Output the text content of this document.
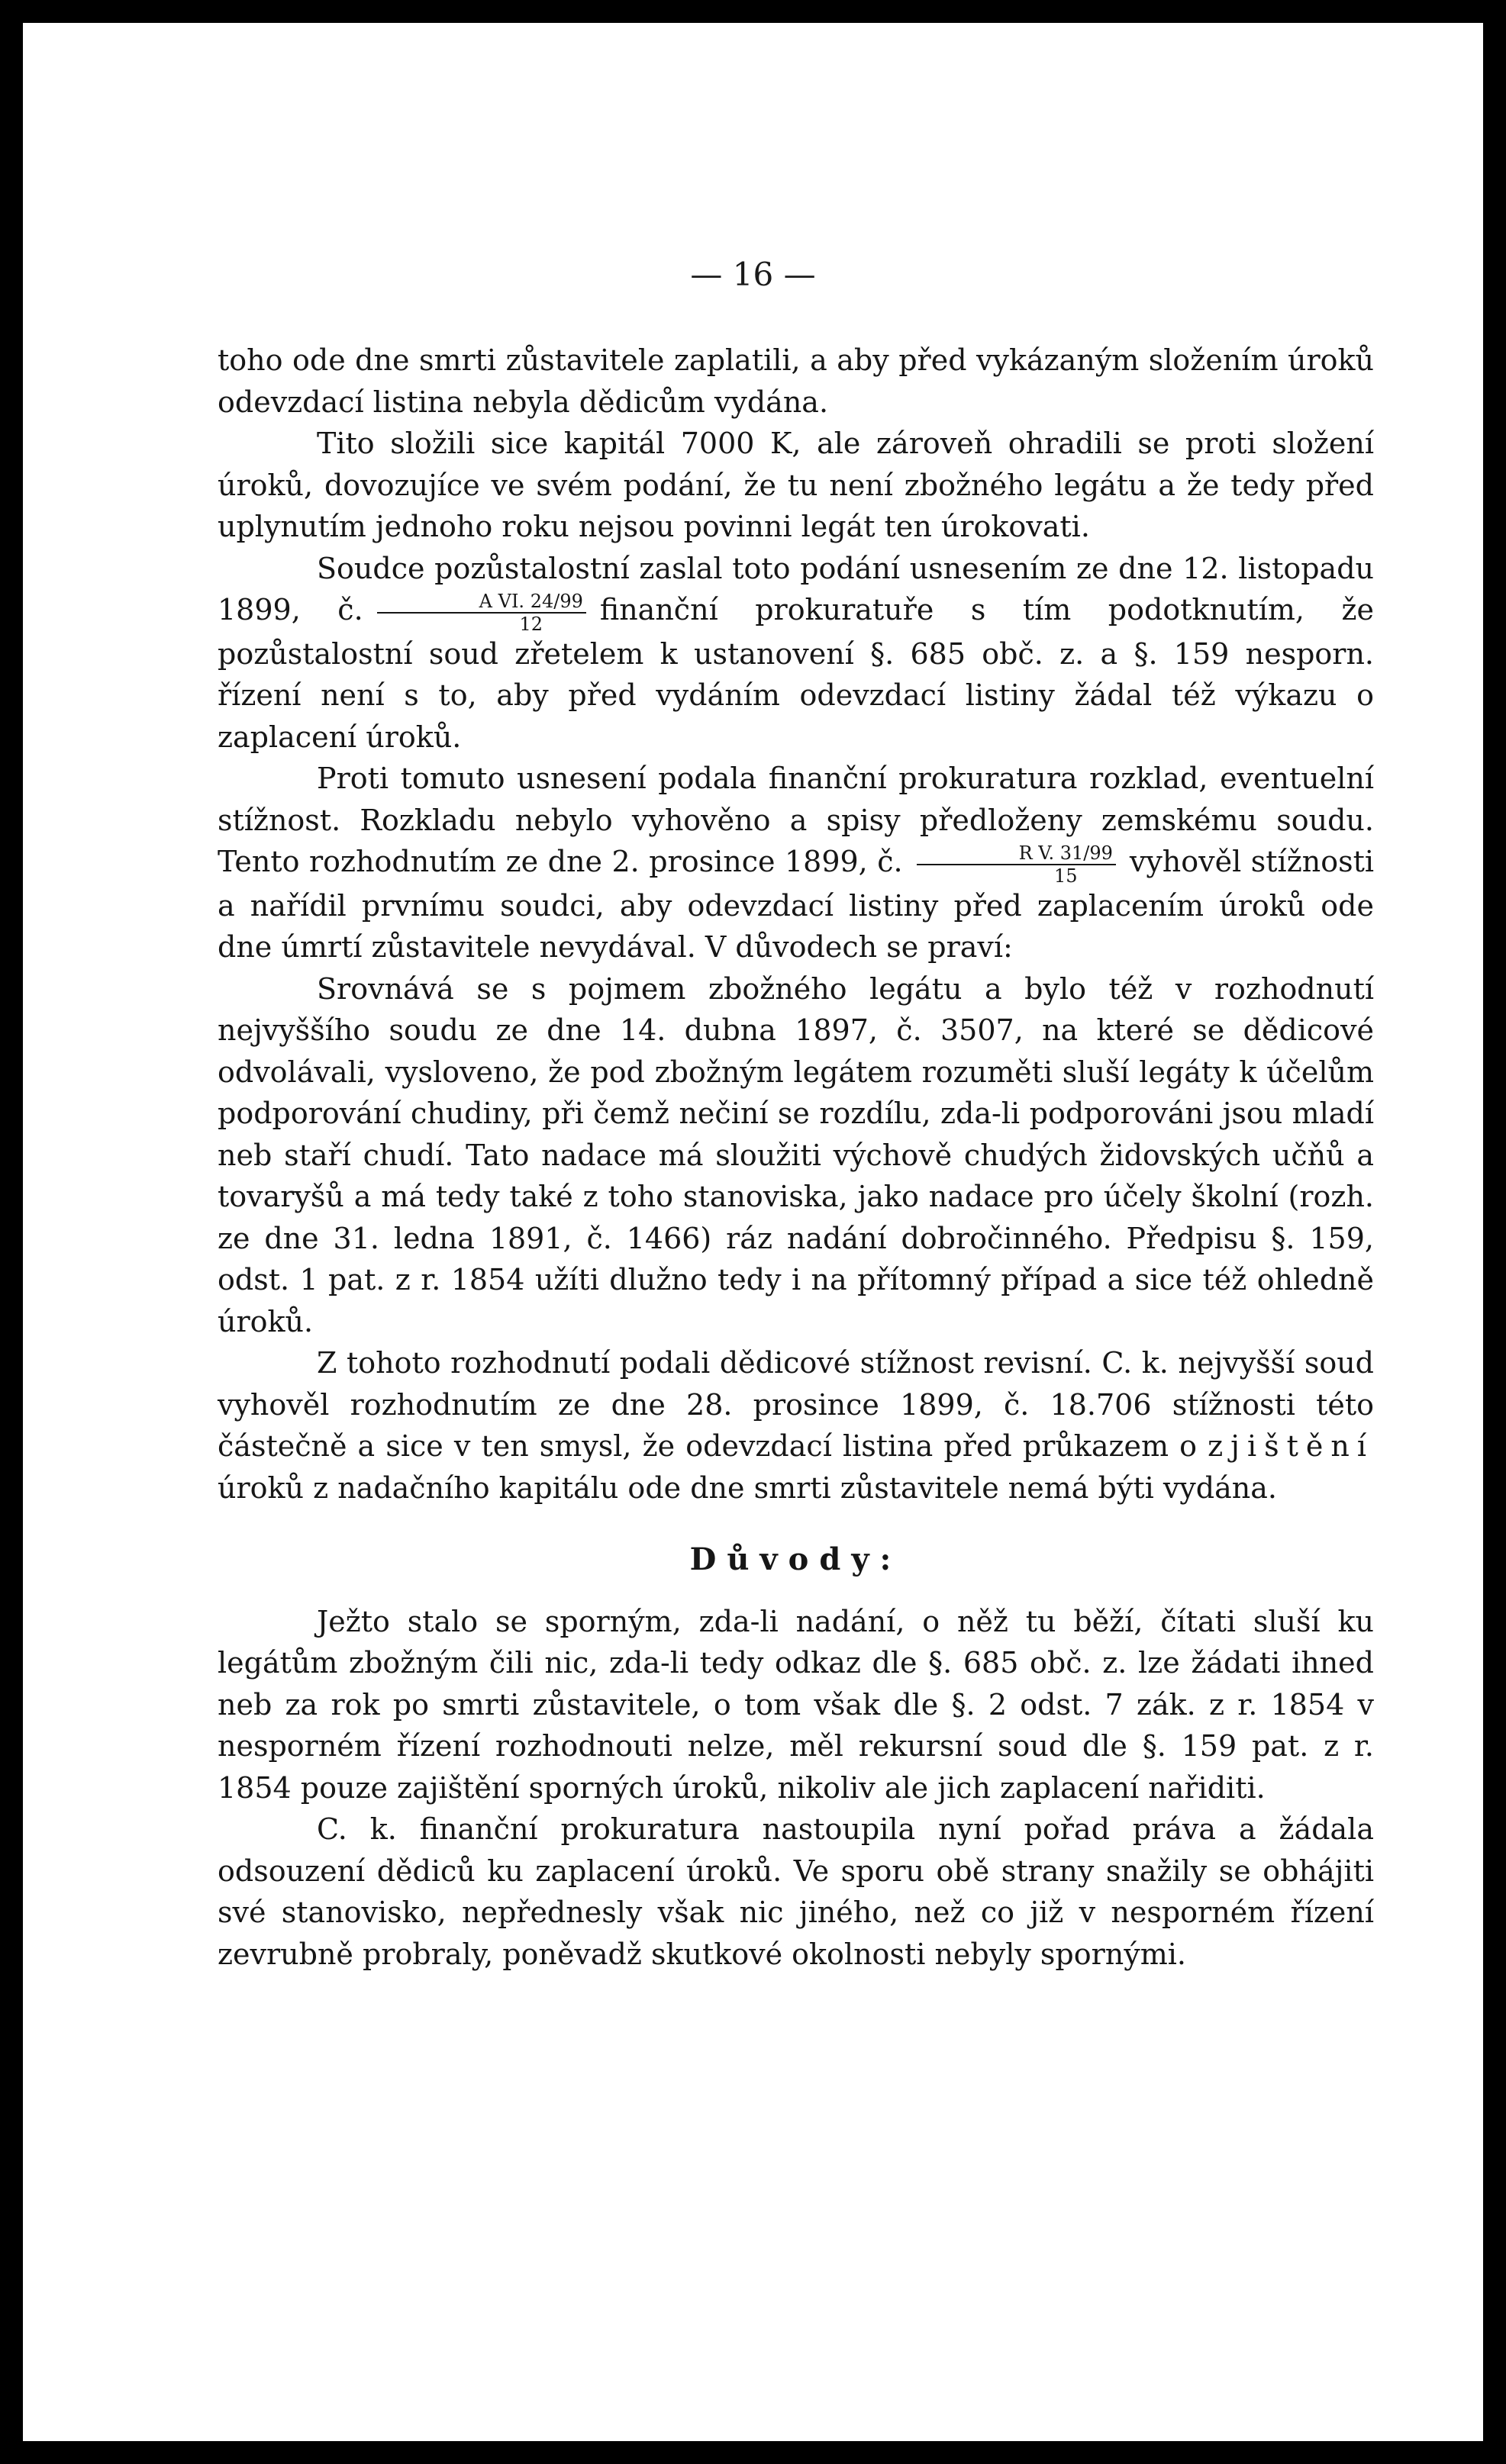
— 16 —

toho ode dne smrti zůstavitele zaplatili, a aby před vykázaným složením úroků odevzdací listina nebyla dědicům vydána.

Tito složili sice kapitál 7000 K, ale zároveň ohradili se proti složení úroků, dovozujíce ve svém podání, že tu není zbožného legátu a že tedy před uplynutím jednoho roku nejsou povinni legát ten úrokovati.

Soudce pozůstalostní zaslal toto podání usnesením ze dne 12. listopadu 1899, č. $\frac{\text{A VI. 24/99}}{12}$ finanční prokuratuře s tím podotknutím, že pozůstalostní soud zřetelem k ustanovení §. 685 obč. z. a §. 159 nesporn. řízení není s to, aby před vydáním odevzdací listiny žádal též výkazu o zaplacení úroků.

Proti tomuto usnesení podala finanční prokuratura rozklad, eventuelní stížnost. Rozkladu nebylo vyhověno a spisy předloženy zemskému soudu. Tento rozhodnutím ze dne 2. prosince 1899, č. $\frac{\text{R V. 31/99}}{15}$ vyhověl stížnosti a nařídil prvnímu soudci, aby odevzdací listiny před zaplacením úroků ode dne úmrtí zůstavitele nevydával. V důvodech se praví:

Srovnává se s pojmem zbožného legátu a bylo též v rozhodnutí nejvyššího soudu ze dne 14. dubna 1897, č. 3507, na které se dědicové odvolávali, vysloveno, že pod zbožným legátem rozuměti sluší legáty k účelům podporování chudiny, při čemž nečiní se rozdílu, zda-li podporováni jsou mladí neb staří chudí. Tato nadace má sloužiti výchově chudých židovských učňů a tovaryšů a má tedy také z toho stanoviska, jako nadace pro účely školní (rozh. ze dne 31. ledna 1891, č. 1466) ráz nadání dobročinného. Předpisu §. 159, odst. 1 pat. z r. 1854 užíti dlužno tedy i na přítomný případ a sice též ohledně úroků.

Z tohoto rozhodnutí podali dědicové stížnost revisní. C. k. nejvyšší soud vyhověl rozhodnutím ze dne 28. prosince 1899, č. 18.706 stížnosti této částečně a sice v ten smysl, že odevzdací listina před průkazem o zjištění úroků z nadačního kapitálu ode dne smrti zůstavitele nemá býti vydána.

Důvody:

Ježto stalo se sporným, zda-li nadání, o něž tu běží, čítati sluší ku legátům zbožným čili nic, zda-li tedy odkaz dle §. 685 obč. z. lze žádati ihned neb za rok po smrti zůstavitele, o tom však dle §. 2 odst. 7 zák. z r. 1854 v nesporném řízení rozhodnouti nelze, měl rekursní soud dle §. 159 pat. z r. 1854 pouze zajištění sporných úroků, nikoliv ale jich zaplacení nařiditi.

C. k. finanční prokuratura nastoupila nyní pořad práva a žádala odsouzení dědiců ku zaplacení úroků. Ve sporu obě strany snažily se obhájiti své stanovisko, nepřednesly však nic jiného, než co již v nesporném řízení zevrubně probraly, poněvadž skutkové okolnosti nebyly spornými.
